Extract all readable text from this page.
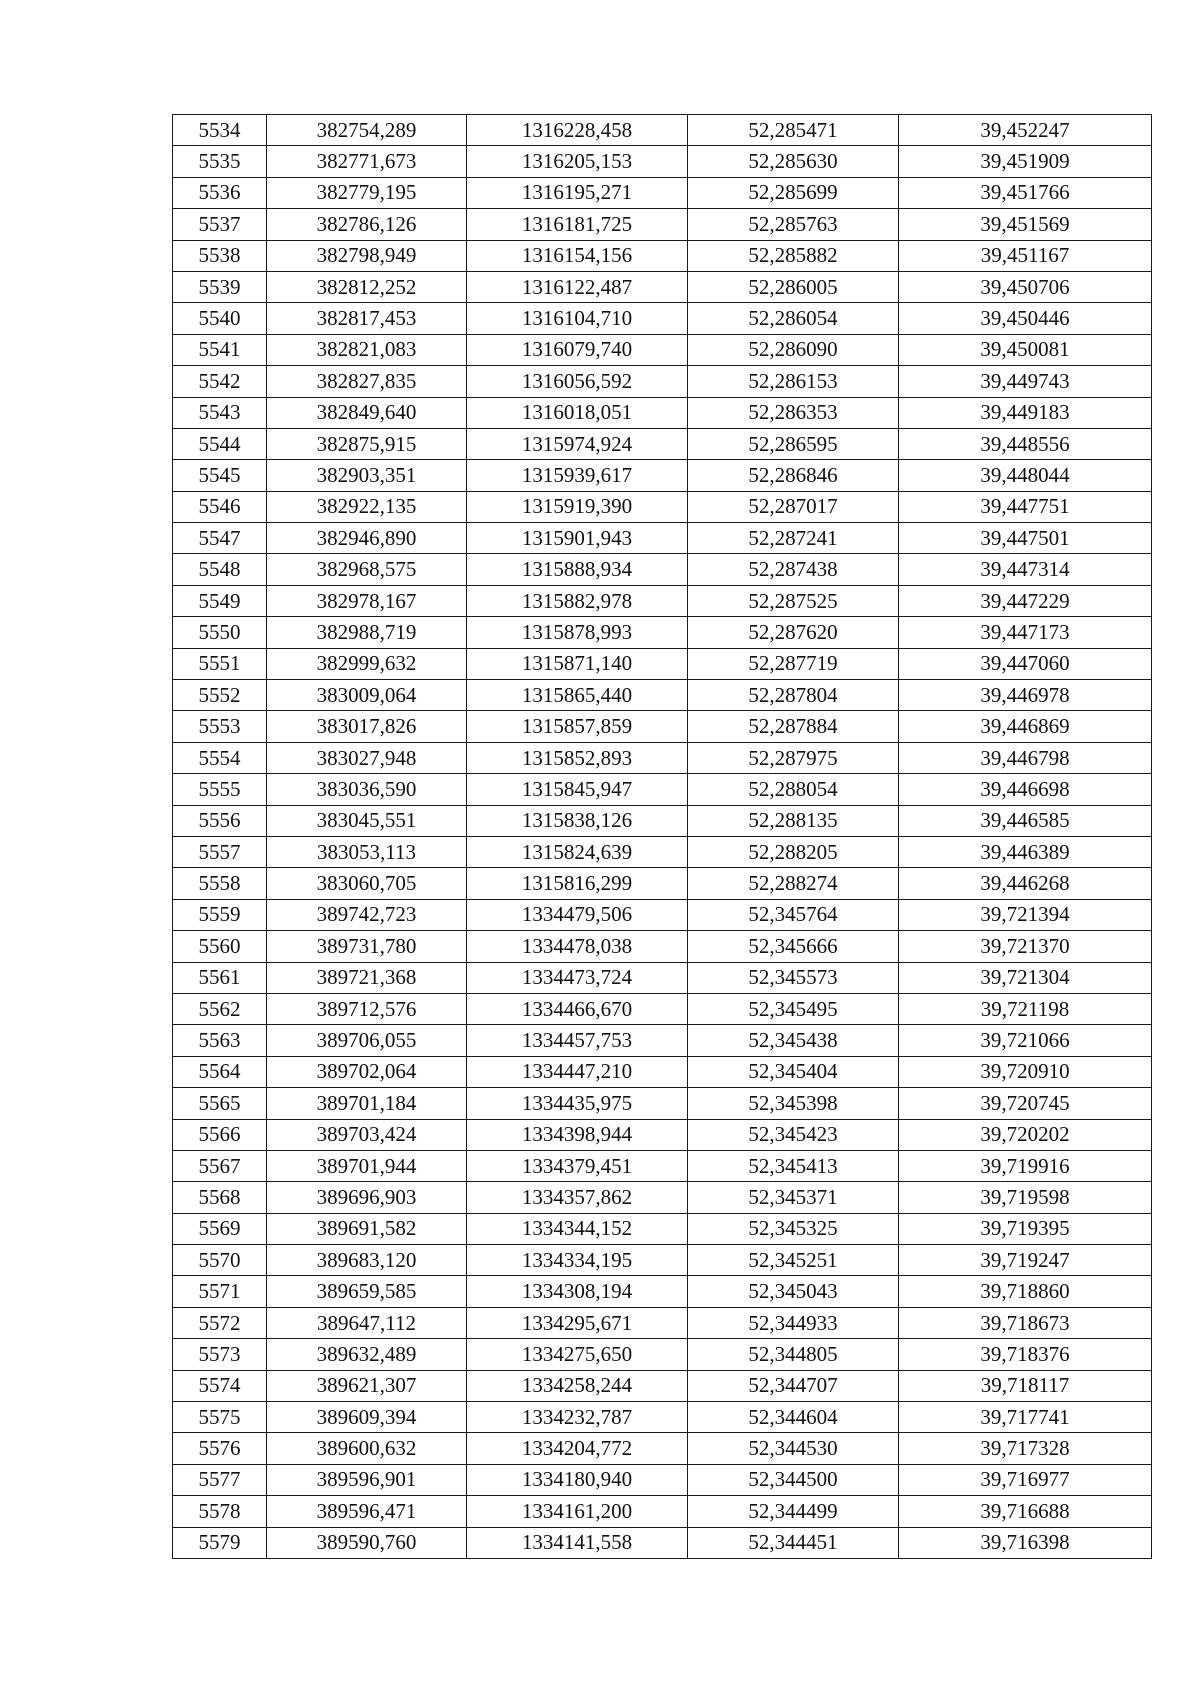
5534	382754,289	1316228,458	52,285471	39,452247
5535	382771,673	1316205,153	52,285630	39,451909
5536	382779,195	1316195,271	52,285699	39,451766
5537	382786,126	1316181,725	52,285763	39,451569
5538	382798,949	1316154,156	52,285882	39,451167
5539	382812,252	1316122,487	52,286005	39,450706
5540	382817,453	1316104,710	52,286054	39,450446
5541	382821,083	1316079,740	52,286090	39,450081
5542	382827,835	1316056,592	52,286153	39,449743
5543	382849,640	1316018,051	52,286353	39,449183
5544	382875,915	1315974,924	52,286595	39,448556
5545	382903,351	1315939,617	52,286846	39,448044
5546	382922,135	1315919,390	52,287017	39,447751
5547	382946,890	1315901,943	52,287241	39,447501
5548	382968,575	1315888,934	52,287438	39,447314
5549	382978,167	1315882,978	52,287525	39,447229
5550	382988,719	1315878,993	52,287620	39,447173
5551	382999,632	1315871,140	52,287719	39,447060
5552	383009,064	1315865,440	52,287804	39,446978
5553	383017,826	1315857,859	52,287884	39,446869
5554	383027,948	1315852,893	52,287975	39,446798
5555	383036,590	1315845,947	52,288054	39,446698
5556	383045,551	1315838,126	52,288135	39,446585
5557	383053,113	1315824,639	52,288205	39,446389
5558	383060,705	1315816,299	52,288274	39,446268
5559	389742,723	1334479,506	52,345764	39,721394
5560	389731,780	1334478,038	52,345666	39,721370
5561	389721,368	1334473,724	52,345573	39,721304
5562	389712,576	1334466,670	52,345495	39,721198
5563	389706,055	1334457,753	52,345438	39,721066
5564	389702,064	1334447,210	52,345404	39,720910
5565	389701,184	1334435,975	52,345398	39,720745
5566	389703,424	1334398,944	52,345423	39,720202
5567	389701,944	1334379,451	52,345413	39,719916
5568	389696,903	1334357,862	52,345371	39,719598
5569	389691,582	1334344,152	52,345325	39,719395
5570	389683,120	1334334,195	52,345251	39,719247
5571	389659,585	1334308,194	52,345043	39,718860
5572	389647,112	1334295,671	52,344933	39,718673
5573	389632,489	1334275,650	52,344805	39,718376
5574	389621,307	1334258,244	52,344707	39,718117
5575	389609,394	1334232,787	52,344604	39,717741
5576	389600,632	1334204,772	52,344530	39,717328
5577	389596,901	1334180,940	52,344500	39,716977
5578	389596,471	1334161,200	52,344499	39,716688
5579	389590,760	1334141,558	52,344451	39,716398
